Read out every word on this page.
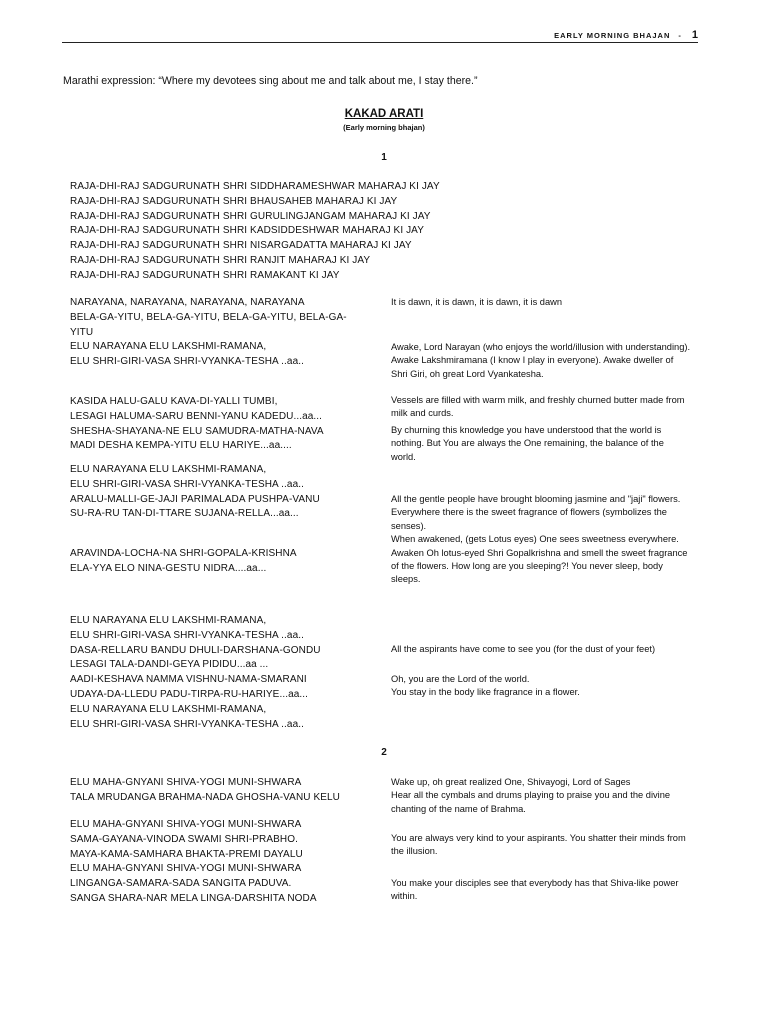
EARLY MORNING BHAJAN - 1
Marathi expression: “Where my devotees sing about me and talk about me, I stay there.”
KAKAD ARATI
(Early morning bhajan)
1
RAJA-DHI-RAJ SADGURUNATH SHRI SIDDHARAMESHWAR MAHARAJ KI JAY
RAJA-DHI-RAJ SADGURUNATH SHRI BHAUSAHEB MAHARAJ KI JAY
RAJA-DHI-RAJ SADGURUNATH SHRI GURULINGJANGAM MAHARAJ KI JAY
RAJA-DHI-RAJ SADGURUNATH SHRI KADSIDDESHWAR MAHARAJ KI JAY
RAJA-DHI-RAJ SADGURUNATH SHRI NISARGADATTA MAHARAJ KI JAY
RAJA-DHI-RAJ SADGURUNATH SHRI RANJIT MAHARAJ KI JAY
RAJA-DHI-RAJ SADGURUNATH SHRI RAMAKANT KI JAY
NARAYANA, NARAYANA, NARAYANA, NARAYANA
BELA-GA-YITU, BELA-GA-YITU, BELA-GA-YITU, BELA-GA-
YITU
ELU NARAYANA ELU LAKSHMI-RAMANA,
ELU SHRI-GIRI-VASA SHRI-VYANKA-TESHA ..aa..
KASIDA HALU-GALU KAVA-DI-YALLI TUMBI,
LESAGI HALUMA-SARU BENNI-YANU KADEDU...aa...
SHESHA-SHAYANA-NE ELU SAMUDRA-MATHA-NAVA
MADI DESHA KEMPA-YITU ELU HARIYE...aa....
ELU NARAYANA ELU LAKSHMI-RAMANA,
ELU SHRI-GIRI-VASA SHRI-VYANKA-TESHA ..aa..
ARALU-MALLI-GE-JAJI PARIMALADA PUSHPA-VANU
SU-RA-RU TAN-DI-TTARE SUJANA-RELLA...aa...
ARAVINDA-LOCHA-NA SHRI-GOPALA-KRISHNA
ELA-YYA ELO NINA-GESTU NIDRA....aa...
ELU NARAYANA ELU LAKSHMI-RAMANA,
ELU SHRI-GIRI-VASA SHRI-VYANKA-TESHA ..aa..
DASA-RELLARU BANDU DHULI-DARSHANA-GONDU
LESAGI TALA-DANDI-GEYA PIDIDU...aa ...
AADI-KESHAVA NAMMA VISHNU-NAMA-SMARANI
UDAYA-DA-LLEDU PADU-TIRPA-RU-HARIYE...aa...
ELU NARAYANA ELU LAKSHMI-RAMANA,
ELU SHRI-GIRI-VASA SHRI-VYANKA-TESHA ..aa..
It is dawn, it is dawn, it is dawn, it is dawn
Awake, Lord Narayan (who enjoys the world/illusion with understanding). Awake Lakshmiramana (I know I play in everyone). Awake dweller of Shri Giri, oh great Lord Vyankatesha.
Vessels are filled with warm milk, and freshly churned butter made from milk and curds.
By churning this knowledge you have understood that the world is nothing. But You are always the One remaining, the balance of the world.
All the gentle people have brought blooming jasmine and "jaji" flowers.
Everywhere there is the sweet fragrance of flowers (symbolizes the senses).
When awakened, (gets Lotus eyes) One sees sweetness everywhere. Awaken Oh lotus-eyed Shri Gopalkrishna and smell the sweet fragrance
of the flowers. How long are you sleeping?! You never sleep, body sleeps.
All the aspirants have come to see you (for the dust of your feet)
Oh, you are the Lord of the world.
You stay in the body like fragrance in a flower.
2
ELU MAHA-GNYANI SHIVA-YOGI MUNI-SHWARA
TALA MRUDANGA BRAHMA-NADA GHOSHA-VANU KELU
ELU MAHA-GNYANI SHIVA-YOGI MUNI-SHWARA
SAMA-GAYANA-VINODA SWAMI SHRI-PRABHO.
MAYA-KAMA-SAMHARA BHAKTA-PREMI DAYALU
ELU MAHA-GNYANI SHIVA-YOGI MUNI-SHWARA
LINGANGA-SAMARA-SADA SANGITA PADUVA.
SANGA SHARA-NAR MELA LINGA-DARSHITA NODA
Wake up, oh great realized One, Shivayogi, Lord of Sages
Hear all the cymbals and drums playing to praise you and the divine chanting of the name of Brahma.
You are always very kind to your aspirants. You shatter their minds from the illusion.
You make your disciples see that everybody has that Shiva-like power within.
